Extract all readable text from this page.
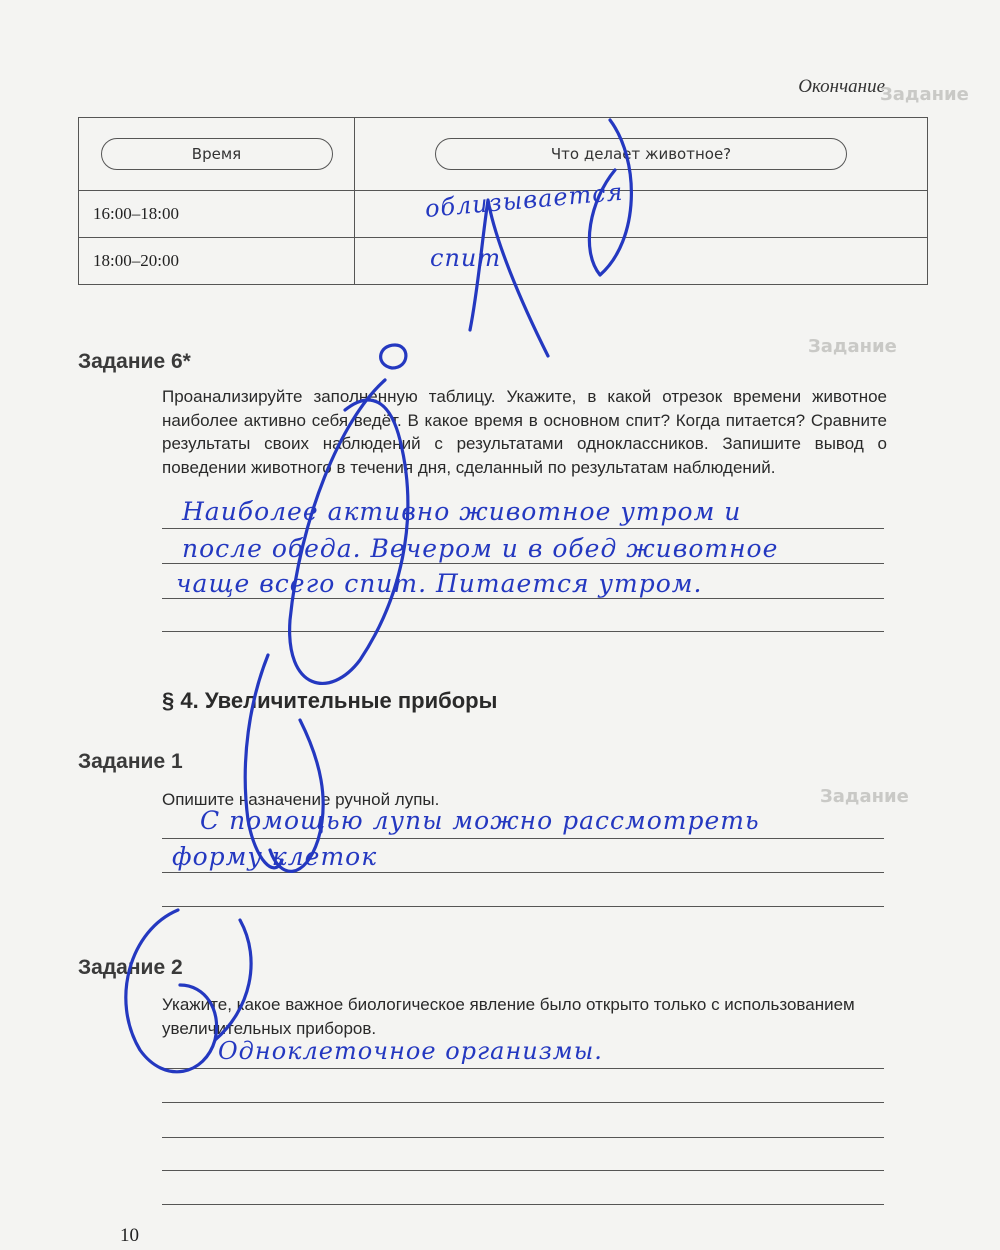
Задание
Задание
Задание
Окончание
Время	Что делает животное?

16:00–18:00	облизывается

18:00–20:00	спит
Задание 6*

Проанализируйте заполненную таблицу. Укажите, в какой отрезок времени животное наиболее активно себя ведёт. В какое время в основном спит? Когда питается? Сравните результаты своих наблюдений с результатами одноклассников. Запишите вывод о поведении животного в течения дня, сделанный по результатам наблюдений.

Наиболее активно животное утром и
после обеда. Вечером и в обед животное
чаще всего спит. Питается утром.
§ 4. Увеличительные приборы
Задание 1

Опишите назначение ручной лупы.

С помощью лупы можно рассмотреть
форму клеток
Задание 2

Укажите, какое важное биологическое явление было открыто только с использованием увеличительных приборов.

Одноклеточное организмы.
10
